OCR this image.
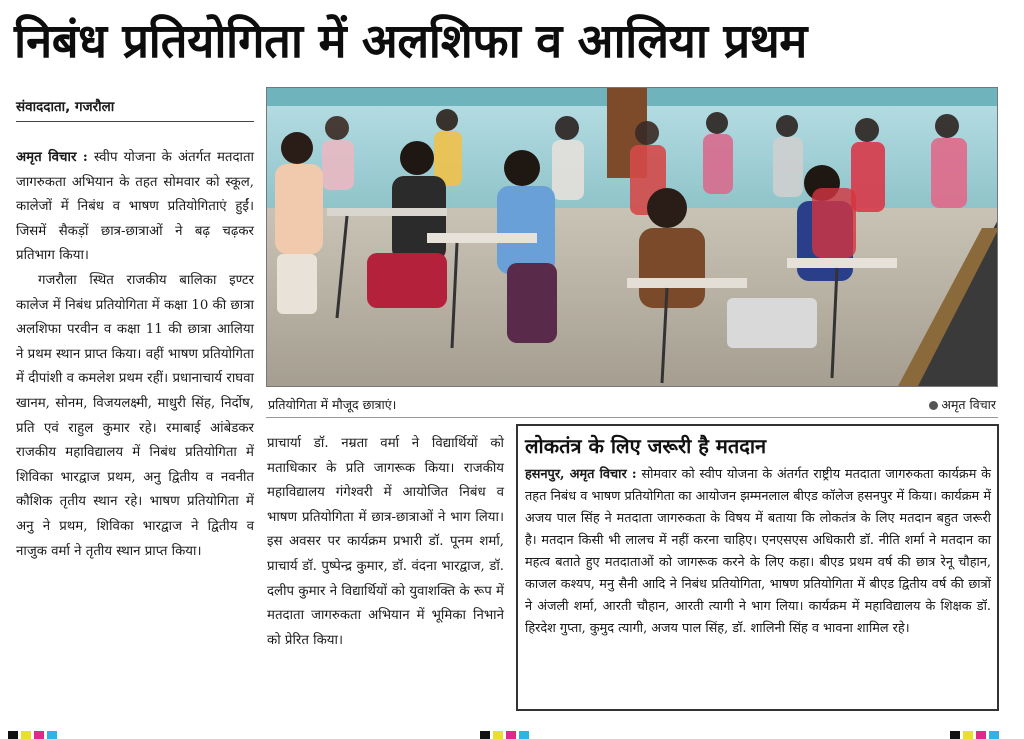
निबंध प्रतियोगिता में अलशिफा व आलिया प्रथम
संवाददाता, गजरौला

अमृत विचार : स्वीप योजना के अंतर्गत मतदाता जागरुकता अभियान के तहत सोमवार को स्कूल, कालेजों में निबंध व भाषण प्रतियोगिताएं हुईं। जिसमें सैकड़ों छात्र-छात्राओं ने बढ़ चढ़कर प्रतिभाग किया।

गजरौला स्थित राजकीय बालिका इण्टर कालेज में निबंध प्रतियोगिता में कक्षा 10 की छात्रा अलशिफा परवीन व कक्षा 11 की छात्रा आलिया ने प्रथम स्थान प्राप्त किया। वहीं भाषण प्रतियोगिता में दीपांशी व कमलेश प्रथम रहीं। प्रधानाचार्य राघवा खानम, सोनम, विजयलक्ष्मी, माधुरी सिंह, निर्दोष, प्रति एवं राहुल कुमार रहे। रमाबाई आंबेडकर राजकीय महाविद्यालय में निबंध प्रतियोगिता में शिविका भारद्वाज प्रथम, अनु द्वितीय व नवनीत कौशिक तृतीय स्थान रहे। भाषण प्रतियोगिता में अनु ने प्रथम, शिविका भारद्वाज ने द्वितीय व नाजुक वर्मा ने तृतीय स्थान प्राप्त किया।

प्रतियोगिता में मौजूद छात्राएं।	अमृत विचार

प्राचार्या डॉ. नम्रता वर्मा ने विद्यार्थियों को मताधिकार के प्रति जागरूक किया। राजकीय महाविद्यालय गंगेश्वरी में आयोजित निबंध व भाषण प्रतियोगिता में छात्र-छात्राओं ने भाग लिया। इस अवसर पर कार्यक्रम प्रभारी डॉ. पूनम शर्मा, प्राचार्य डॉ. पुष्पेन्द्र कुमार, डॉ. वंदना भारद्वाज, डॉ. दलीप कुमार ने विद्यार्थियों को युवाशक्ति के रूप में मतदाता जागरुकता अभियान में भूमिका निभाने को प्रेरित किया।

लोकतंत्र के लिए जरूरी है मतदान
हसनपुर, अमृत विचार : सोमवार को स्वीप योजना के अंतर्गत राष्ट्रीय मतदाता जागरुकता कार्यक्रम के तहत निबंध व भाषण प्रतियोगिता का आयोजन झम्मनलाल बीएड कॉलेज हसनपुर में किया। कार्यक्रम में अजय पाल सिंह ने मतदाता जागरुकता के विषय में बताया कि लोकतंत्र के लिए मतदान बहुत जरूरी है। मतदान किसी भी लालच में नहीं करना चाहिए। एनएसएस अधिकारी डॉ. नीति शर्मा ने मतदान का महत्व बताते हुए मतदाताओं को जागरूक करने के लिए कहा। बीएड प्रथम वर्ष की छात्र रेनू चौहान, काजल कश्यप, मनु सैनी आदि ने निबंध प्रतियोगिता, भाषण प्रतियोगिता में बीएड द्वितीय वर्ष की छात्रों ने अंजली शर्मा, आरती चौहान, आरती त्यागी ने भाग लिया। कार्यक्रम में महाविद्यालय के शिक्षक डॉ. हिरदेश गुप्ता, कुमुद त्यागी, अजय पाल सिंह, डॉ. शालिनी सिंह व भावना शामिल रहे।
